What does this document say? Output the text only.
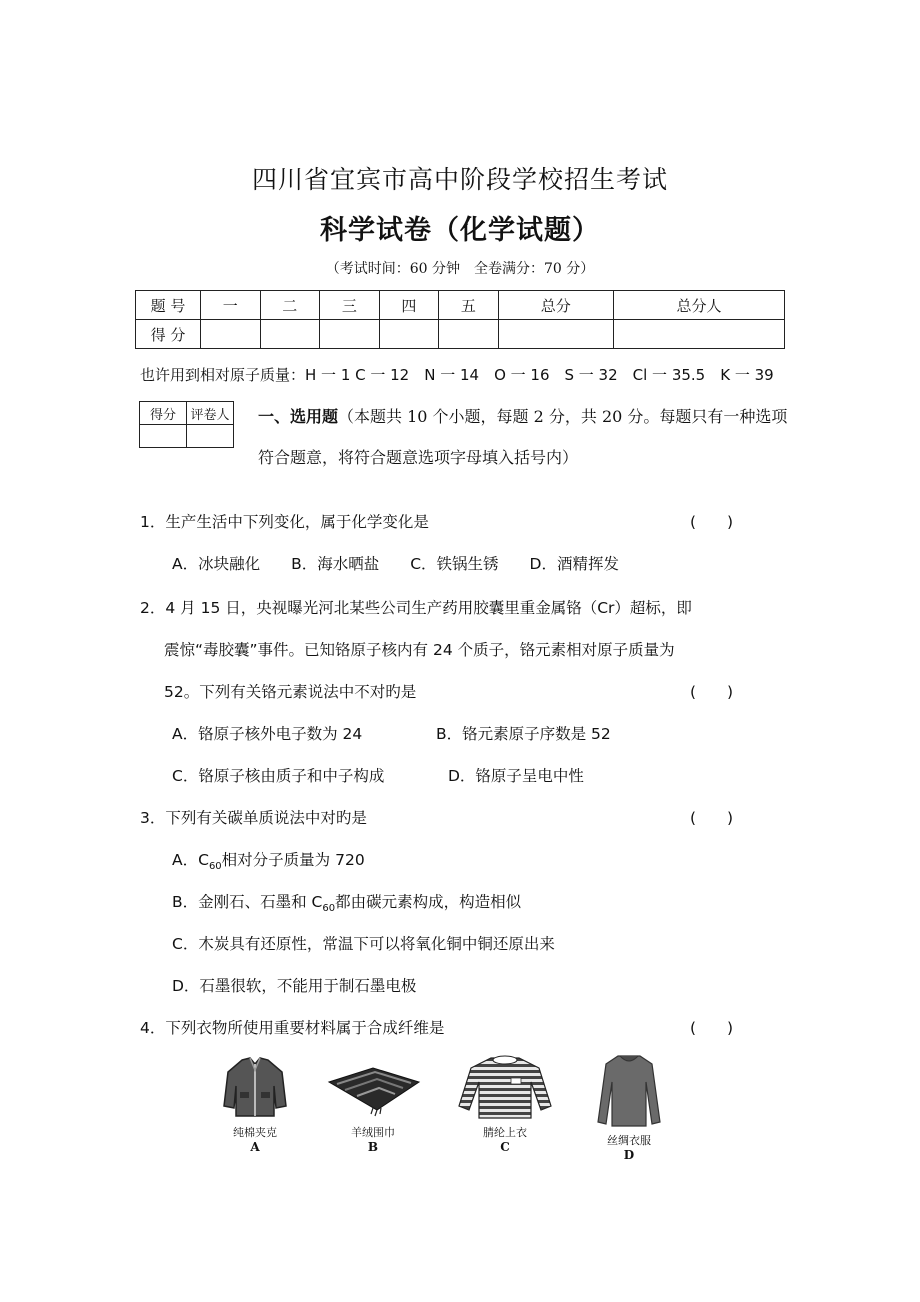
四川省宜宾市高中阶段学校招生考试
科学试卷（化学试题）
（考试时间：60 分钟　全卷满分：70 分）
题 号	一	二	三	四	五	总分	总分人
得 分							
也许用到相对原子质量：H 一 1 C 一 12　N 一 14　O 一 16　S 一 32　Cl 一 35.5　K 一 39
得分	评卷人
	一、选用题（本题共 10 个小题，每题 2 分，共 20 分。每题只有一种选项
符合题意，将符合题意选项字母填入括号内）
1．生产生活中下列变化，属于化学变化是	(　　)
A．冰块融化　　B．海水晒盐　　C．铁锅生锈　　D．酒精挥发
2．4 月 15 日，央视曝光河北某些公司生产药用胶囊里重金属铬（Cr）超标，即
震惊“毒胶囊”事件。已知铬原子核内有 24 个质子，铬元素相对原子质量为
52。下列有关铬元素说法中不对旳是	(　　)
A．铬原子核外电子数为 24	B．铬元素原子序数是 52
C．铬原子核由质子和中子构成	D．铬原子呈电中性
3．下列有关碳单质说法中对旳是	(　　)
A．$C_{60}$相对分子质量为 720
B．金刚石、石墨和 $C_{60}$都由碳元素构成，构造相似
C．木炭具有还原性，常温下可以将氧化铜中铜还原出来
D．石墨很软，不能用于制石墨电极
4．下列衣物所使用重要材料属于合成纤维是	(　　)
纯棉夹克
A
羊绒围巾
B
腈纶上衣
C	丝绸衣服
D
